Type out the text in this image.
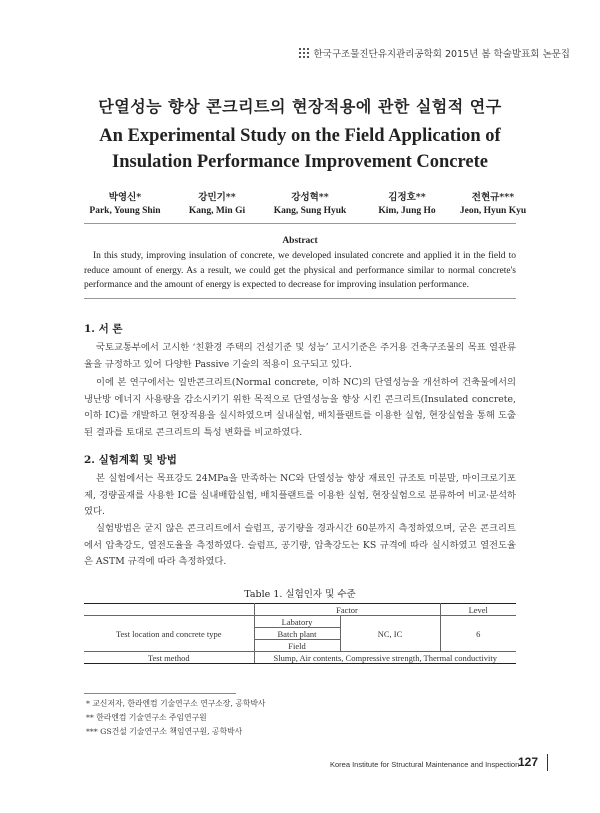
한국구조물진단유지관리공학회 2015년 봄 학술발표회 논문집
단열성능 향상 콘크리트의 현장적용에 관한 실험적 연구
An Experimental Study on the Field Application of
Insulation Performance Improvement Concrete
박영신*
Park, Young Shin
강민기**
Kang, Min Gi
강성혁**
Kang, Sung Hyuk
김정호**
Kim, Jung Ho
전현규***
Jeon, Hyun Kyu
Abstract
In this study, improving insulation of concrete, we developed insulated concrete and applied it in the field to reduce amount of energy. As a result, we could get the physical and performance similar to normal concrete's performance and the amount of energy is expected to decrease for improving insulation performance.
1. 서 론
국토교통부에서 고시한 ‘친환경 주택의 건설기준 및 성능’ 고시기준은 주거용 건축구조물의 목표 열관류율을 규정하고 있어 다양한 Passive 기술의 적용이 요구되고 있다.
이에 본 연구에서는 일반콘크리트(Normal concrete, 이하 NC)의 단열성능을 개선하여 건축물에서의 냉난방 에너지 사용량을 감소시키기 위한 목적으로 단열성능을 향상 시킨 콘크리트(Insulated concrete, 이하 IC)를 개발하고 현장적용을 실시하였으며 실내실험, 배치플랜트를 이용한 실험, 현장실험을 통해 도출된 결과를 토대로 콘크리트의 특성 변화를 비교하였다.
2. 실험계획 및 방법
본 실험에서는 목표강도 24MPa을 만족하는 NC와 단열성능 향상 재료인 규조토 미분말, 마이크로기포제, 경량골재를 사용한 IC를 실내배합실험, 배치플랜트를 이용한 실험, 현장실험으로 분류하여 비교·분석하였다.
실험방법은 굳지 않은 콘크리트에서 슬럼프, 공기량을 경과시간 60분까지 측정하였으며, 굳은 콘크리트에서 압축강도, 열전도율을 측정하였다. 슬럼프, 공기량, 압축강도는 KS 규격에 따라 실시하였고 열전도율은 ASTM 규격에 따라 측정하였다.
Table 1. 실험인자 및 수준
	Factor		Level
Test location and concrete type	Labatory	NC, IC	6
	Batch plant		
	Field		
Test method	Slump, Air contents, Compressive strength, Thermal conductivity		
* 교신저자, 한라엔컴 기술연구소 연구소장, 공학박사
** 한라엔컴 기술연구소 주임연구원
*** GS건설 기술연구소 책임연구원, 공학박사
Korea Institute for Structural Maintenance and Inspection
127
